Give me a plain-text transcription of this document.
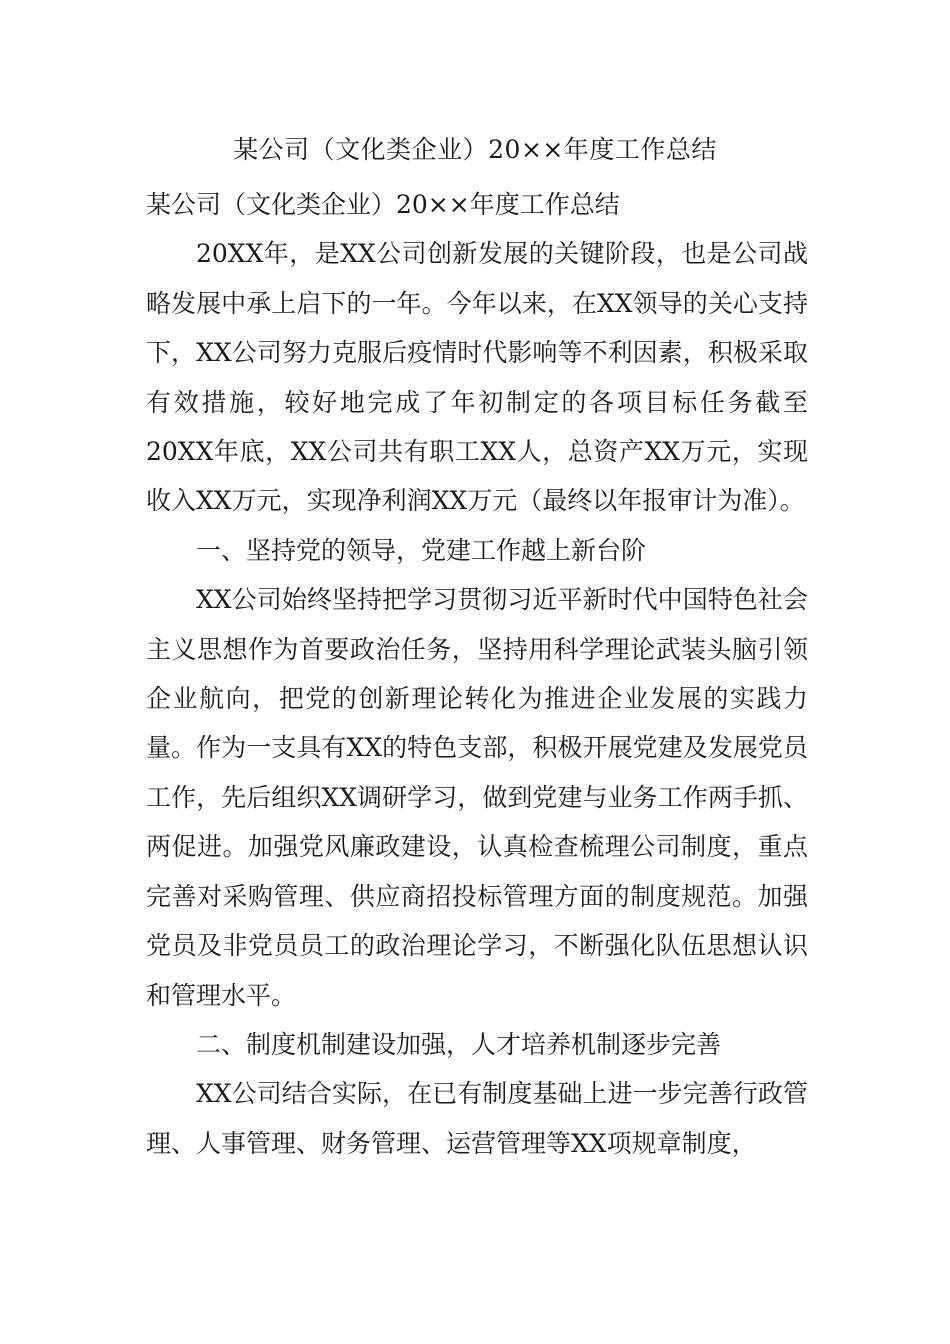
某公司（文化类企业）20××年度工作总结

某公司（文化类企业）20××年度工作总结

20XX年，是XX公司创新发展的关键阶段，也是公司战略发展中承上启下的一年。今年以来，在XX领导的关心支持下，XX公司努力克服后疫情时代影响等不利因素，积极采取有效措施，较好地完成了年初制定的各项目标任务截至20XX年底，XX公司共有职工XX人，总资产XX万元，实现收入XX万元，实现净利润XX万元（最终以年报审计为准）。

一、坚持党的领导，党建工作越上新台阶

XX公司始终坚持把学习贯彻习近平新时代中国特色社会主义思想作为首要政治任务，坚持用科学理论武装头脑引领企业航向，把党的创新理论转化为推进企业发展的实践力量。作为一支具有XX的特色支部，积极开展党建及发展党员工作，先后组织XX调研学习，做到党建与业务工作两手抓、两促进。加强党风廉政建设，认真检查梳理公司制度，重点完善对采购管理、供应商招投标管理方面的制度规范。加强党员及非党员员工的政治理论学习，不断强化队伍思想认识和管理水平。

二、制度机制建设加强，人才培养机制逐步完善

XX公司结合实际，在已有制度基础上进一步完善行政管理、人事管理、财务管理、运营管理等XX项规章制度，
